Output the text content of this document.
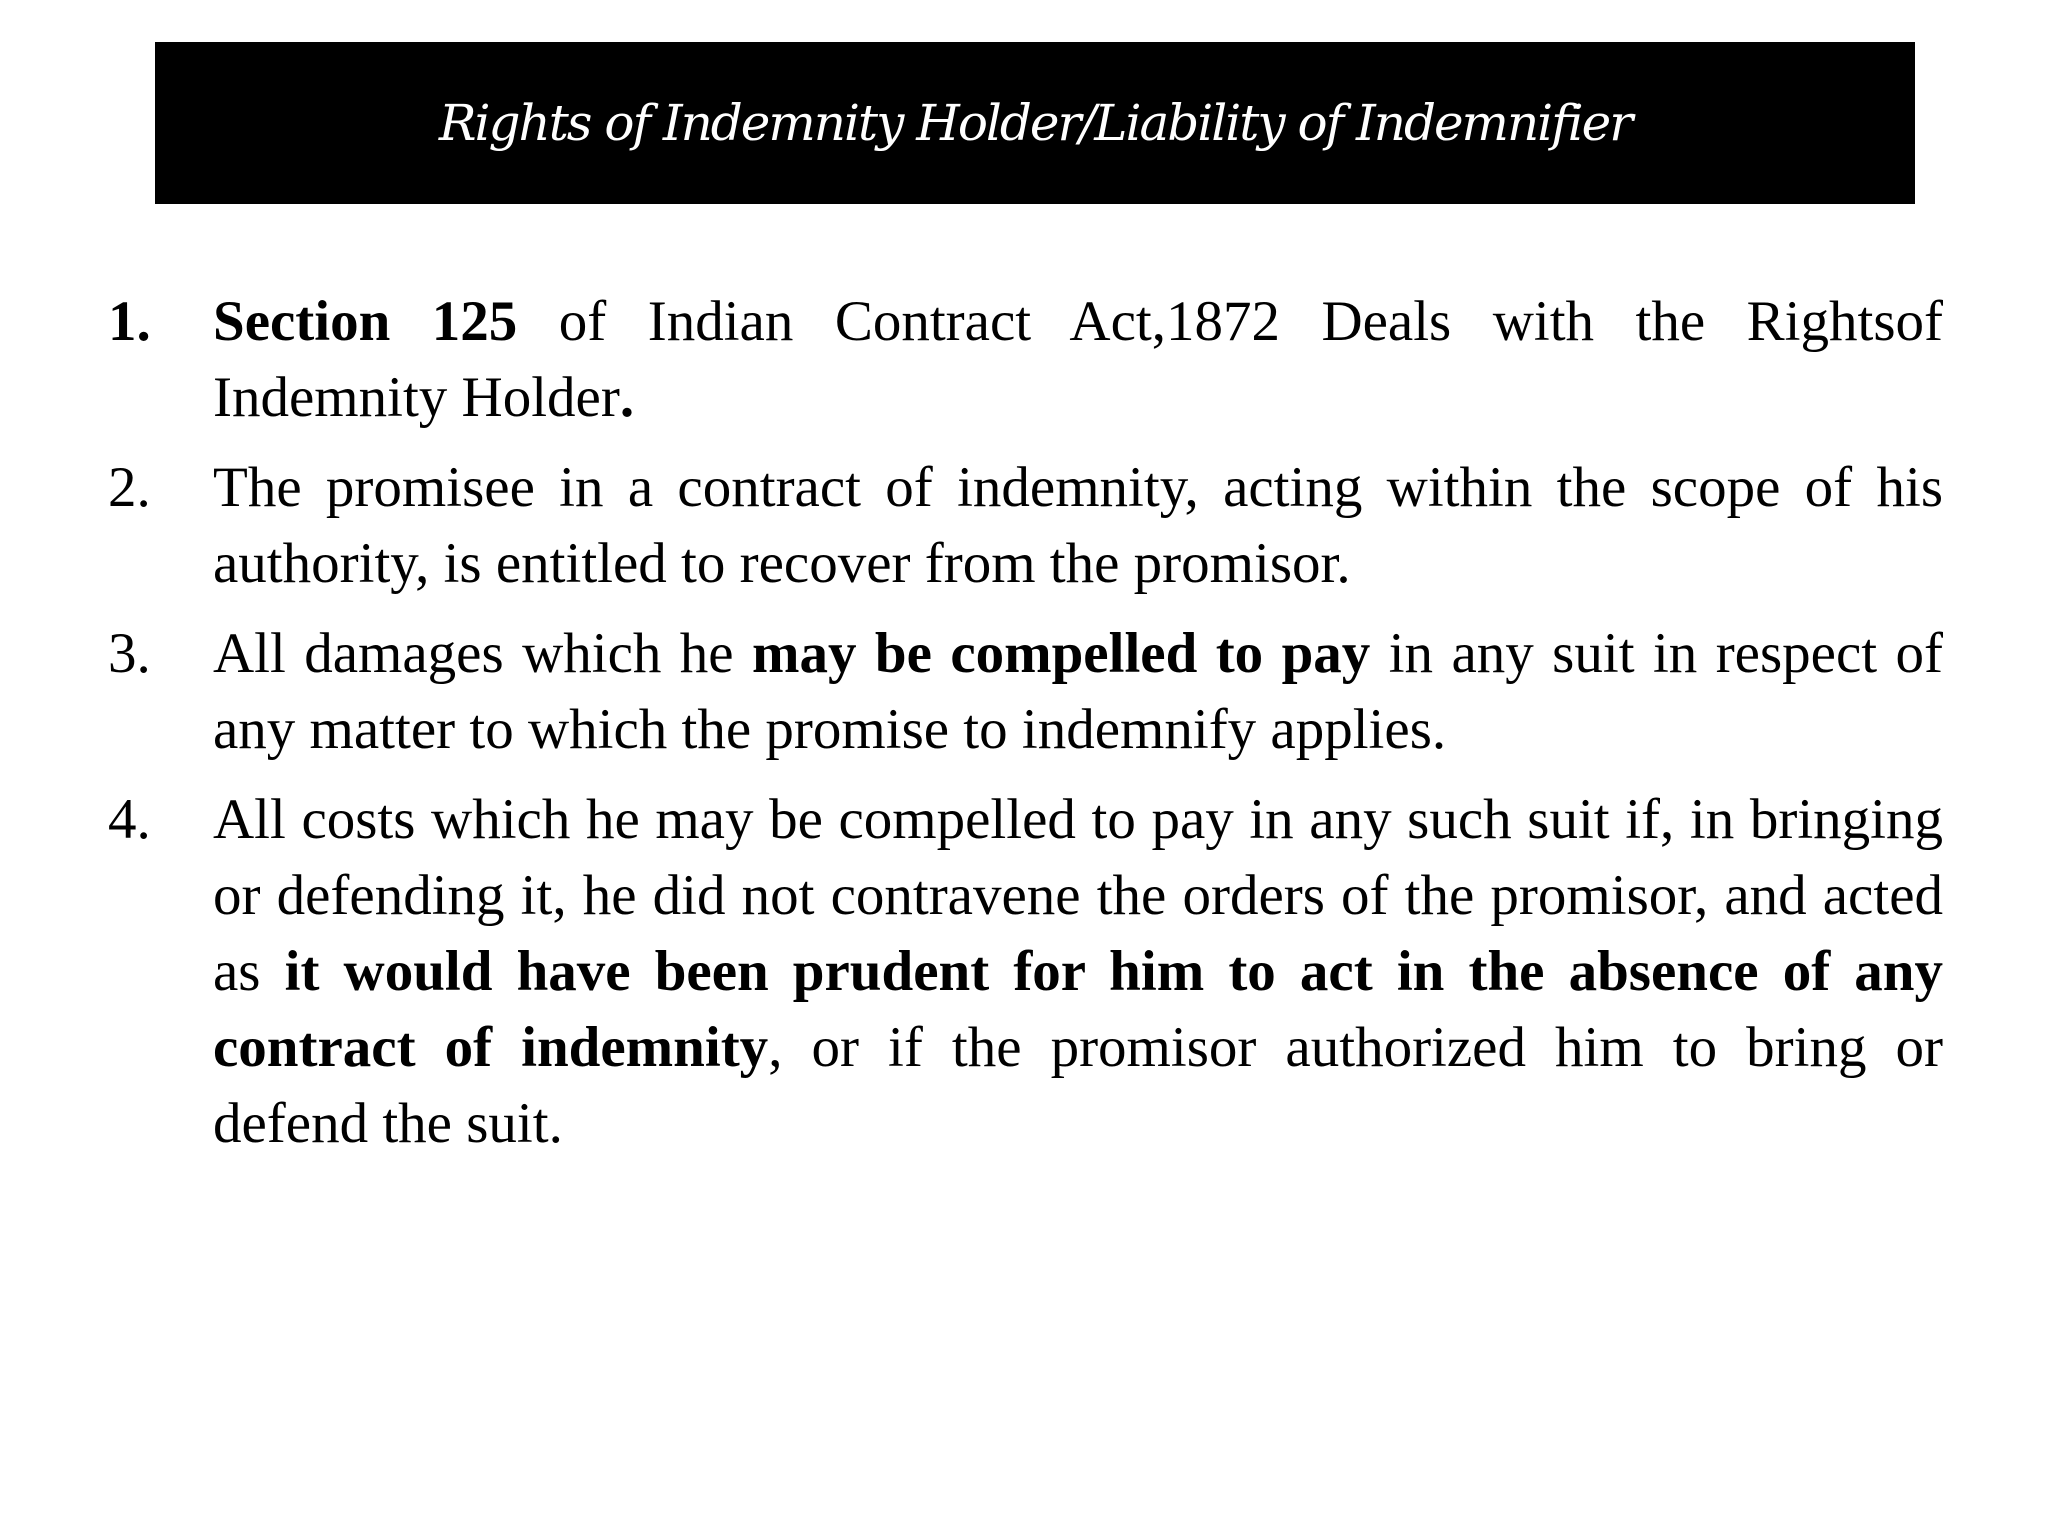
Rights of Indemnity Holder/Liability of Indemnifier
1. Section 125 of Indian Contract Act,1872 Deals with the Rightsof Indemnity Holder.
2. The promisee in a contract of indemnity, acting within the scope of his authority, is entitled to recover from the promisor.
3. All damages which he may be compelled to pay in any suit in respect of any matter to which the promise to indemnify applies.
4. All costs which he may be compelled to pay in any such suit if, in bringing or defending it, he did not contravene the orders of the promisor, and acted as it would have been prudent for him to act in the absence of any contract of indemnity, or if the promisor authorized him to bring or defend the suit.
